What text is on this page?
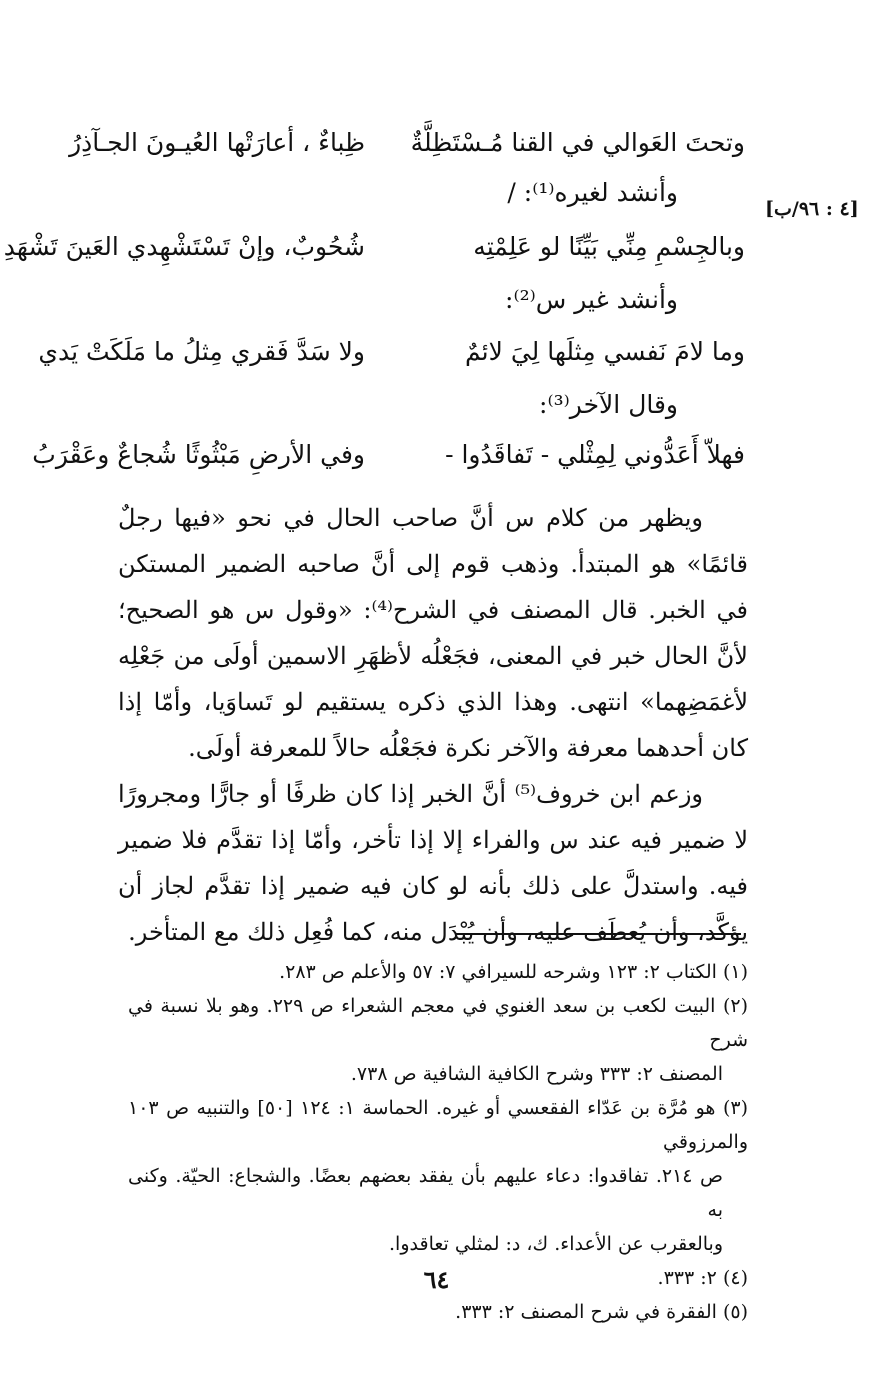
[٤ : ٩٦/ب]
وتحتَ العَوالي في القنا مُـسْتَظِلَّةٌ
ظِباءٌ ، أعارَتْها العُيـونَ الجـآذِرُ
وأنشد لغيره⁽¹⁾: /
وبالجِسْمِ مِنِّي بَيِّنًا لو عَلِمْتِه
شُحُوبٌ، وإنْ تَسْتَشْهِدي العَينَ تَشْهَدِ
وأنشد غير س⁽²⁾:
وما لامَ نَفسي مِثلَها لِيَ لائمٌ
ولا سَدَّ فَقري مِثلُ ما مَلَكَتْ يَدي
وقال الآخر⁽³⁾:
فهلاّ أَعَدُّوني لِمِثْلي - تَفاقَدُوا -
وفي الأرضِ مَبْثُوثًا شُجاعٌ وعَقْرَبُ

ويظهر من كلام س أنَّ صاحب الحال في نحو «فيها رجلٌ قائمًا» هو المبتدأ. وذهب قوم إلى أنَّ صاحبه الضمير المستكن في الخبر. قال المصنف في الشرح⁽⁴⁾: «وقول س هو الصحيح؛ لأنَّ الحال خبر في المعنى، فجَعْلُه لأظهَرِ الاسمين أولَى من جَعْلِه لأغمَضِهما» انتهى. وهذا الذي ذكره يستقيم لو تَساوَيا، وأمّا إذا كان أحدهما معرفة والآخر نكرة فجَعْلُه حالاً للمعرفة أولَى.

وزعم ابن خروف⁽⁵⁾ أنَّ الخبر إذا كان ظرفًا أو جارًّا ومجرورًا لا ضمير فيه عند س والفراء إلا إذا تأخر، وأمّا إذا تقدَّم فلا ضمير فيه. واستدلَّ على ذلك بأنه لو كان فيه ضمير إذا تقدَّم لجاز أن يؤكَّد، وأن يُعطَف عليه، وأن يُبْدَل منه، كما فُعِل ذلك مع المتأخر.

(١) الكتاب ٢: ١٢٣ وشرحه للسيرافي ٧: ٥٧ والأعلم ص ٢٨٣.
(٢) البيت لكعب بن سعد الغنوي في معجم الشعراء ص ٢٢٩. وهو بلا نسبة في شرح
المصنف ٢: ٣٣٣ وشرح الكافية الشافية ص ٧٣٨.
(٣) هو مُرَّة بن عَدّاء الفقعسي أو غيره. الحماسة ١: ١٢٤ [٥٠] والتنبيه ص ١٠٣ والمرزوقي
ص ٢١٤. تفاقدوا: دعاء عليهم بأن يفقد بعضهم بعضًا. والشجاع: الحيّة. وكنى به
وبالعقرب عن الأعداء. ك، د: لمثلي تعاقدوا.
(٤) ٢: ٣٣٣.
(٥) الفقرة في شرح المصنف ٢: ٣٣٣.
٦٤
